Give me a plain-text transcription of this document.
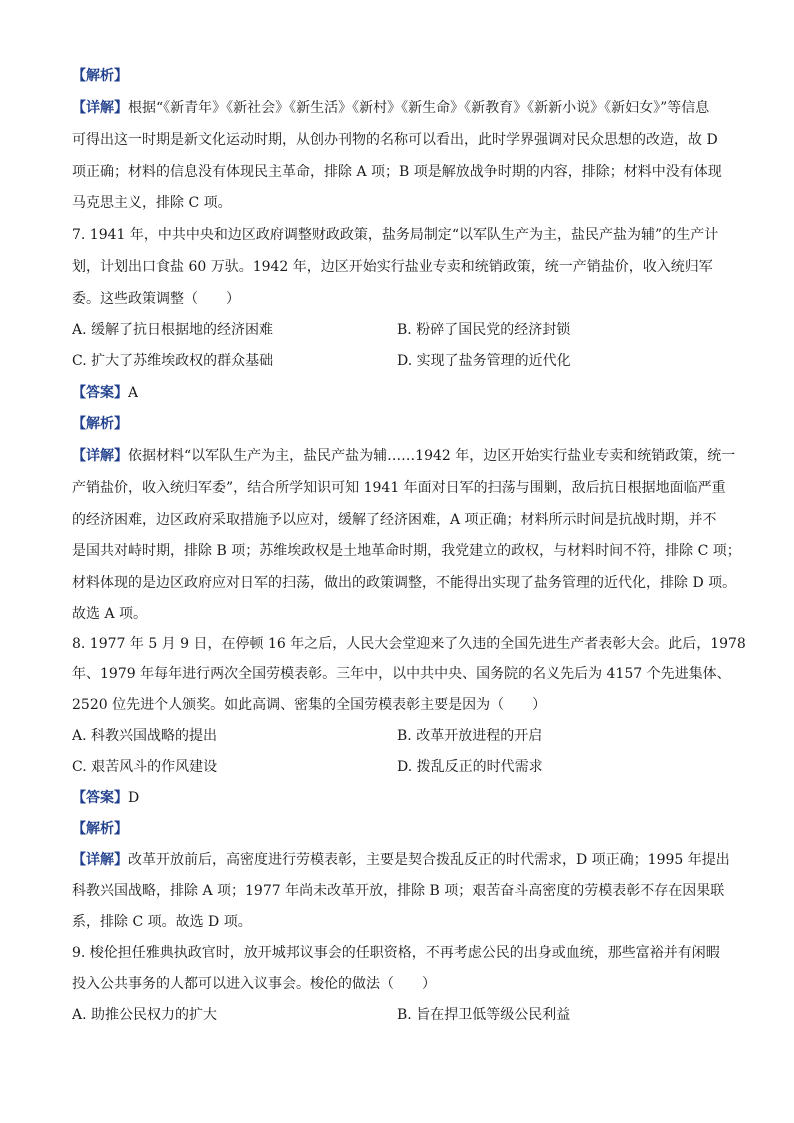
【解析】
【详解】根据“《新青年》《新社会》《新生活》《新村》《新生命》《新教育》《新新小说》《新妇女》”等信息
可得出这一时期是新文化运动时期，从创办刊物的名称可以看出，此时学界强调对民众思想的改造，故 D
项正确；材料的信息没有体现民主革命，排除 A 项；B 项是解放战争时期的内容，排除；材料中没有体现
马克思主义，排除 C 项。
7. 1941 年，中共中央和边区政府调整财政政策，盐务局制定“以军队生产为主，盐民产盐为辅”的生产计
划，计划出口食盐 60 万驮。1942 年，边区开始实行盐业专卖和统销政策，统一产销盐价，收入统归军
委。这些政策调整（　　）
A. 缓解了抗日根据地的经济困难	B. 粉碎了国民党的经济封锁
C. 扩大了苏维埃政权的群众基础	D. 实现了盐务管理的近代化
【答案】A
【解析】
【详解】依据材料“以军队生产为主，盐民产盐为辅……1942 年，边区开始实行盐业专卖和统销政策，统一
产销盐价，收入统归军委”，结合所学知识可知 1941 年面对日军的扫荡与围剿，敌后抗日根据地面临严重
的经济困难，边区政府采取措施予以应对，缓解了经济困难，A 项正确；材料所示时间是抗战时期，并不
是国共对峙时期，排除 B 项；苏维埃政权是土地革命时期，我党建立的政权，与材料时间不符，排除 C 项；
材料体现的是边区政府应对日军的扫荡，做出的政策调整，不能得出实现了盐务管理的近代化，排除 D 项。
故选 A 项。
8. 1977 年 5 月 9 日，在停顿 16 年之后，人民大会堂迎来了久违的全国先进生产者表彰大会。此后，1978
年、1979 年每年进行两次全国劳模表彰。三年中，以中共中央、国务院的名义先后为 4157 个先进集体、
2520 位先进个人颁奖。如此高调、密集的全国劳模表彰主要是因为（　　）
A. 科教兴国战略的提出	B. 改革开放进程的开启
C. 艰苦风斗的作风建设	D. 拨乱反正的时代需求
【答案】D
【解析】
【详解】改革开放前后，高密度进行劳模表彰，主要是契合拨乱反正的时代需求，D 项正确；1995 年提出
科教兴国战略，排除 A 项；1977 年尚未改革开放，排除 B 项；艰苦奋斗高密度的劳模表彰不存在因果联
系，排除 C 项。故选 D 项。
9. 梭伦担任雅典执政官时，放开城邦议事会的任职资格，不再考虑公民的出身或血统，那些富裕并有闲暇
投入公共事务的人都可以进入议事会。梭伦的做法（　　）
A. 助推公民权力的扩大	B. 旨在捍卫低等级公民利益
